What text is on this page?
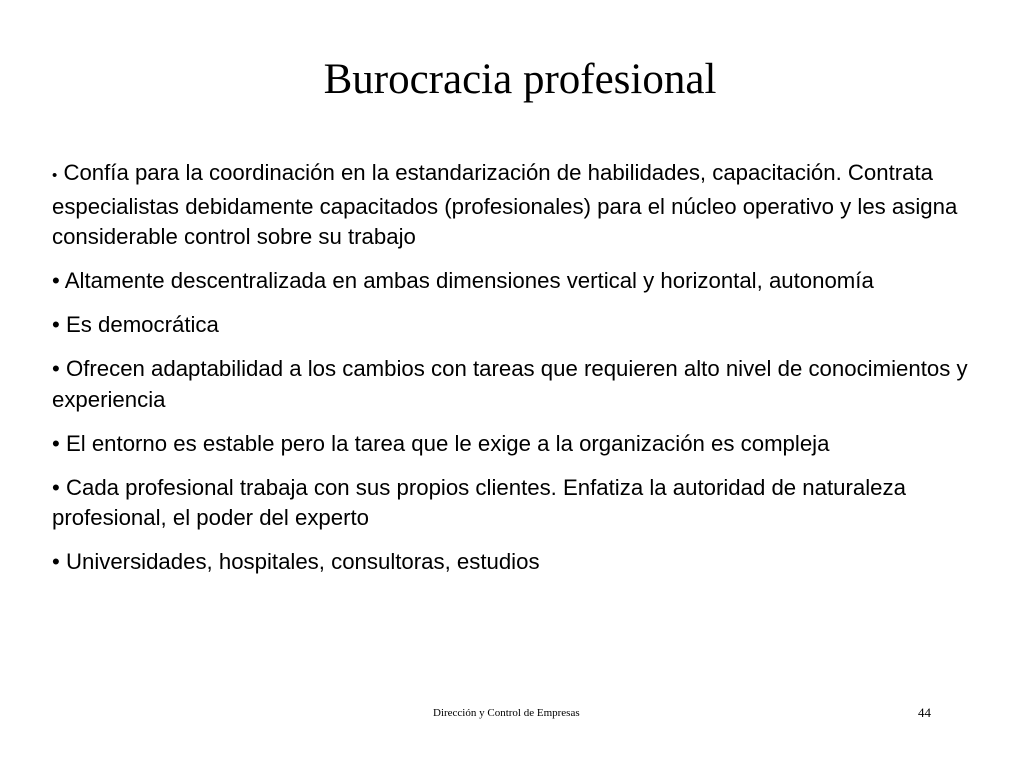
Burocracia profesional
• Confía para la coordinación en la estandarización de habilidades, capacitación. Contrata especialistas debidamente capacitados (profesionales) para el núcleo operativo y les asigna considerable control sobre su trabajo
• Altamente descentralizada en ambas dimensiones vertical y horizontal, autonomía
• Es democrática
• Ofrecen adaptabilidad a los cambios con tareas que requieren alto nivel de conocimientos y experiencia
• El entorno es estable pero la tarea que le exige a la organización es compleja
• Cada profesional trabaja con sus propios clientes. Enfatiza la autoridad de naturaleza profesional, el poder del experto
• Universidades, hospitales, consultoras, estudios
Dirección y Control de Empresas	44
